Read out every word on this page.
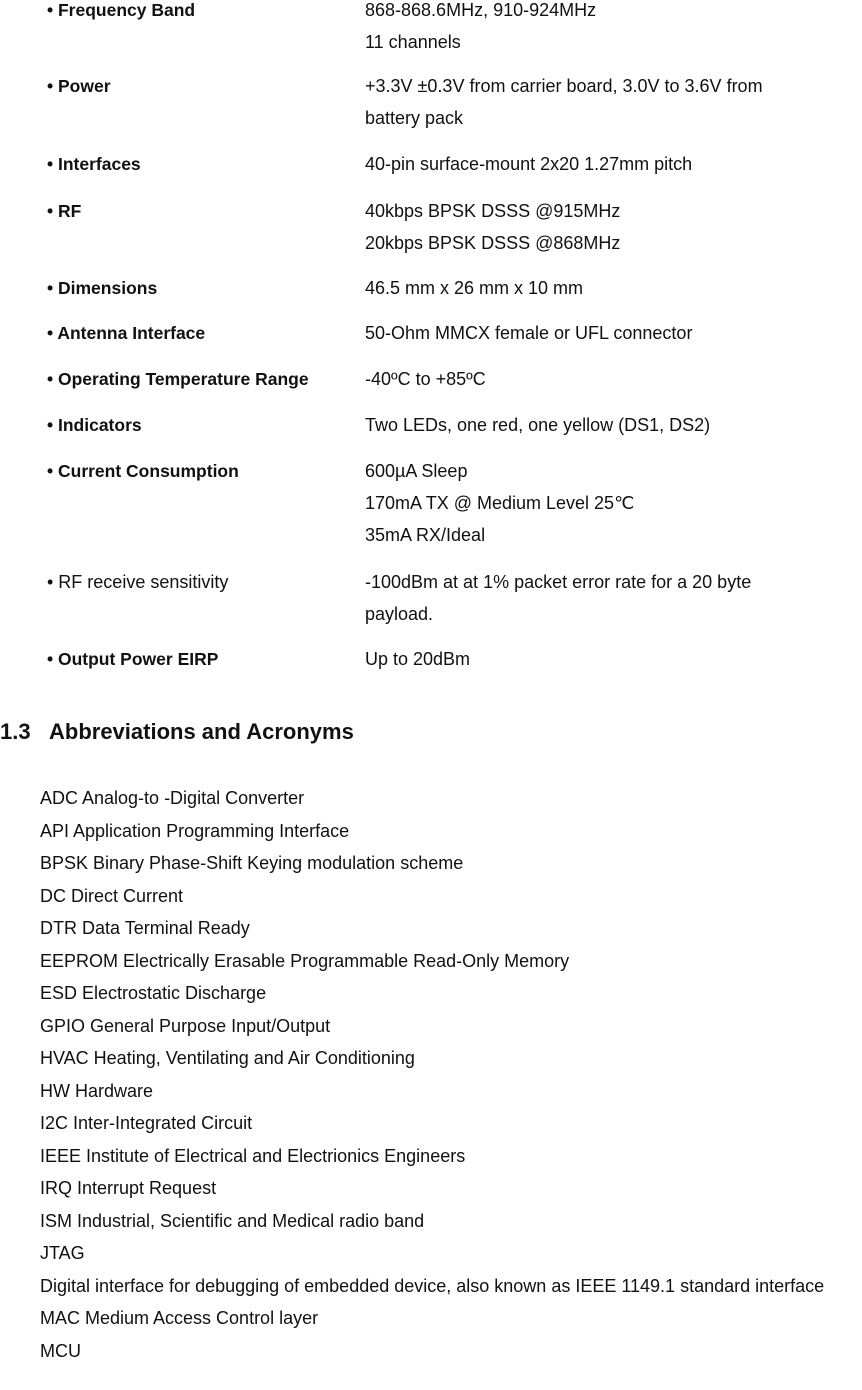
• Frequency Band	868-868.6MHz, 910-924MHz
11 channels
• Power	+3.3V ±0.3V from carrier board, 3.0V to 3.6V from
battery pack
• Interfaces	40-pin surface-mount 2x20 1.27mm pitch
• RF	40kbps BPSK DSSS @915MHz
20kbps BPSK DSSS @868MHz
• Dimensions	46.5 mm x 26 mm x 10 mm
• Antenna Interface	50-Ohm MMCX female or UFL connector
• Operating Temperature Range	-40ºC to +85ºC
• Indicators	Two LEDs, one red, one yellow (DS1, DS2)
• Current Consumption	600µA Sleep
170mA TX @ Medium Level 25℃
35mA RX/Ideal
• RF receive sensitivity	-100dBm at at 1% packet error rate for a 20 byte
payload.
• Output Power EIRP	Up to 20dBm
1.3 Abbreviations and Acronyms
ADC Analog-to -Digital Converter
API Application Programming Interface
BPSK Binary Phase-Shift Keying modulation scheme
DC Direct Current
DTR Data Terminal Ready
EEPROM Electrically Erasable Programmable Read-Only Memory
ESD Electrostatic Discharge
GPIO General Purpose Input/Output
HVAC Heating, Ventilating and Air Conditioning
HW Hardware
I2C Inter-Integrated Circuit
IEEE Institute of Electrical and Electrionics Engineers
IRQ Interrupt Request
ISM Industrial, Scientific and Medical radio band
JTAG
Digital interface for debugging of embedded device, also known as IEEE 1149.1 standard interface
MAC Medium Access Control layer
MCU
